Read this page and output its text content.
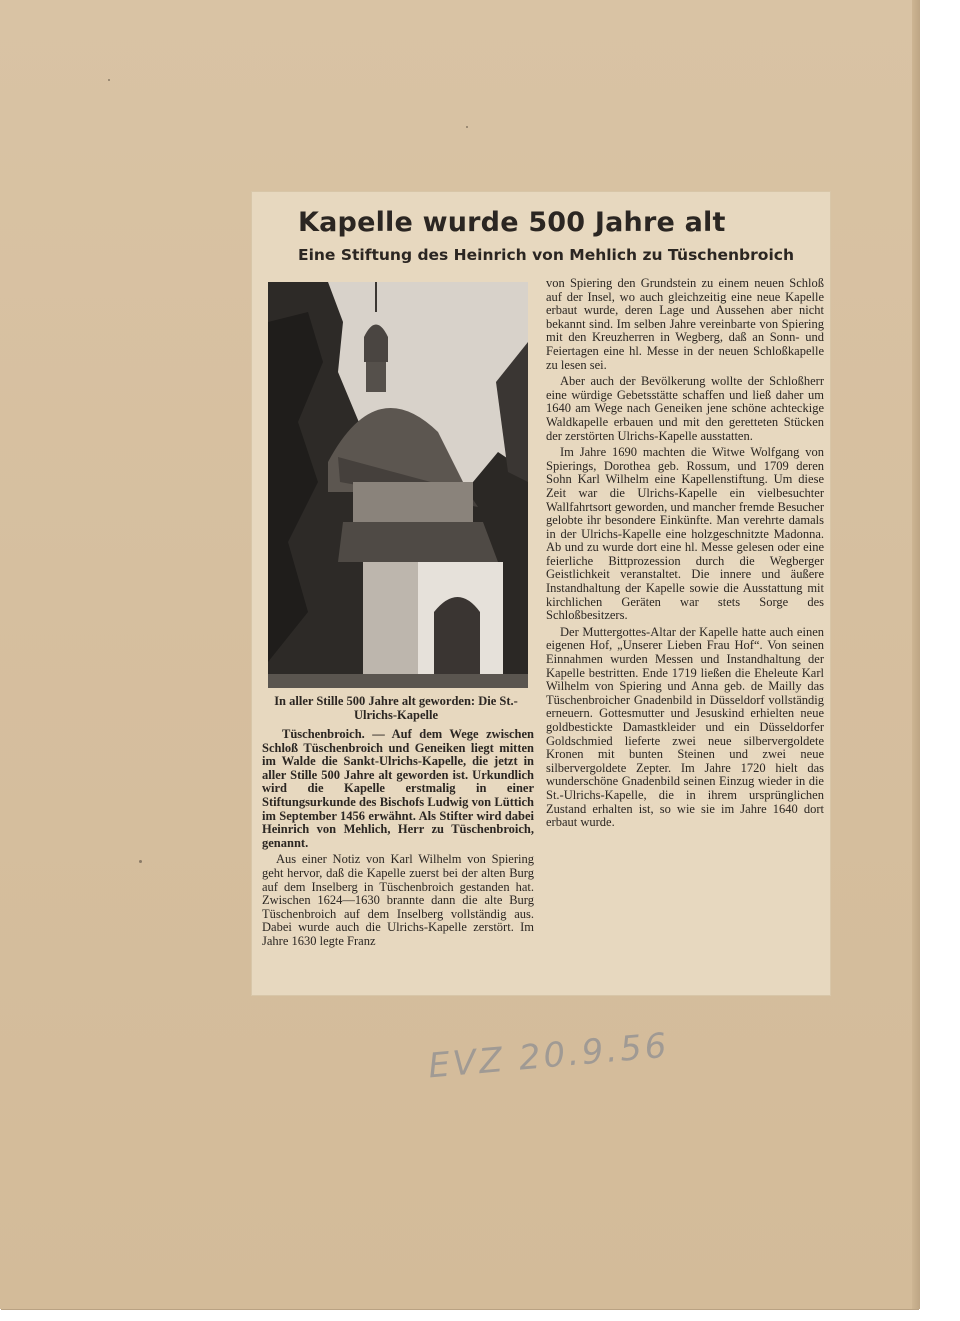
Kapelle wurde 500 Jahre alt
Eine Stiftung des Heinrich von Mehlich zu Tüschenbroich
In aller Stille 500 Jahre alt geworden: Die St.-Ulrichs-Kapelle

Tüschenbroich. — Auf dem Wege zwischen Schloß Tüschenbroich und Geneiken liegt mitten im Walde die Sankt-Ulrichs-Kapelle, die jetzt in aller Stille 500 Jahre alt geworden ist. Urkundlich wird die Kapelle erstmalig in einer Stiftungsurkunde des Bischofs Ludwig von Lüttich im September 1456 erwähnt. Als Stifter wird dabei Heinrich von Mehlich, Herr zu Tüschenbroich, genannt.

Aus einer Notiz von Karl Wilhelm von Spiering geht hervor, daß die Kapelle zuerst bei der alten Burg auf dem Inselberg in Tüschenbroich gestanden hat. Zwischen 1624—1630 brannte dann die alte Burg Tüschenbroich auf dem Inselberg vollständig aus. Dabei wurde auch die Ulrichs-Kapelle zerstört. Im Jahre 1630 legte Franz

von Spiering den Grundstein zu einem neuen Schloß auf der Insel, wo auch gleichzeitig eine neue Kapelle erbaut wurde, deren Lage und Aussehen aber nicht bekannt sind. Im selben Jahre vereinbarte von Spiering mit den Kreuzherren in Wegberg, daß an Sonn- und Feiertagen eine hl. Messe in der neuen Schloßkapelle zu lesen sei.

Aber auch der Bevölkerung wollte der Schloßherr eine würdige Gebetsstätte schaffen und ließ daher um 1640 am Wege nach Geneiken jene schöne achteckige Waldkapelle erbauen und mit den geretteten Stücken der zerstörten Ulrichs-Kapelle ausstatten.

Im Jahre 1690 machten die Witwe Wolfgang von Spierings, Dorothea geb. Rossum, und 1709 deren Sohn Karl Wilhelm eine Kapellenstiftung. Um diese Zeit war die Ulrichs-Kapelle ein vielbesuchter Wallfahrtsort geworden, und mancher fremde Besucher gelobte ihr besondere Einkünfte. Man verehrte damals in der Ulrichs-Kapelle eine holzgeschnitzte Madonna. Ab und zu wurde dort eine hl. Messe gelesen oder eine feierliche Bittprozession durch die Wegberger Geistlichkeit veranstaltet. Die innere und äußere Instandhaltung der Kapelle sowie die Ausstattung mit kirchlichen Geräten war stets Sorge des Schloßbesitzers.

Der Muttergottes-Altar der Kapelle hatte auch einen eigenen Hof, „Unserer Lieben Frau Hof“. Von seinen Einnahmen wurden Messen und Instandhaltung der Kapelle bestritten. Ende 1719 ließen die Eheleute Karl Wilhelm von Spiering und Anna geb. de Mailly das Tüschenbroicher Gnadenbild in Düsseldorf vollständig erneuern. Gottesmutter und Jesuskind erhielten neue goldbestickte Damastkleider und ein Düsseldorfer Goldschmied lieferte zwei neue silbervergoldete Kronen mit bunten Steinen und zwei neue silbervergoldete Zepter. Im Jahre 1720 hielt das wunderschöne Gnadenbild seinen Einzug wieder in die St.-Ulrichs-Kapelle, die in ihrem ursprünglichen Zustand erhalten ist, so wie sie im Jahre 1640 dort erbaut wurde.

EVZ 20.9.56
